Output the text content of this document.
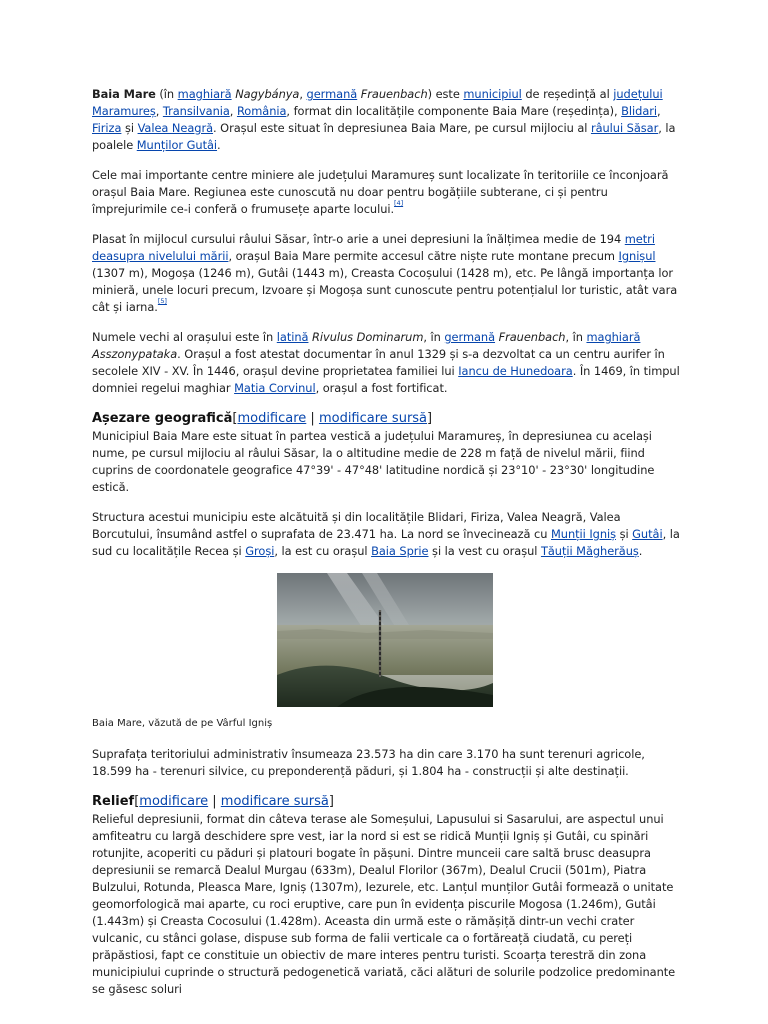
Baia Mare (în maghiară Nagybánya, germană Frauenbach) este municipiul de reședință al județului Maramureș, Transilvania, România, format din localitățile componente Baia Mare (reședința), Blidari, Firiza și Valea Neagră. Orașul este situat în depresiunea Baia Mare, pe cursul mijlociu al râului Săsar, la poalele Munților Gutâi.

Cele mai importante centre miniere ale județului Maramureș sunt localizate în teritoriile ce înconjoară orașul Baia Mare. Regiunea este cunoscută nu doar pentru bogățiile subterane, ci și pentru împrejurimile ce-i conferă o frumusețe aparte locului.[4]

Plasat în mijlocul cursului râului Săsar, într-o arie a unei depresiuni la înălțimea medie de 194 metri deasupra nivelului mării, orașul Baia Mare permite accesul către niște rute montane precum Ignișul (1307 m), Mogoșa (1246 m), Gutâi (1443 m), Creasta Cocoșului (1428 m), etc. Pe lângă importanța lor minieră, unele locuri precum, Izvoare și Mogoșa sunt cunoscute pentru potențialul lor turistic, atât vara cât și iarna.[5]

Numele vechi al orașului este în latină Rivulus Dominarum, în germană Frauenbach, în maghiară Asszonypataka. Orașul a fost atestat documentar în anul 1329 și s-a dezvoltat ca un centru aurifer în secolele XIV - XV. În 1446, orașul devine proprietatea familiei lui Iancu de Hunedoara. În 1469, în timpul domniei regelui maghiar Matia Corvinul, orașul a fost fortificat.

Așezare geografică[modificare | modificare sursă]

Municipiul Baia Mare este situat în partea vestică a județului Maramureș, în depresiunea cu același nume, pe cursul mijlociu al râului Săsar, la o altitudine medie de 228 m față de nivelul mării, fiind cuprins de coordonatele geografice 47°39' - 47°48' latitudine nordică și 23°10' - 23°30' longitudine estică.

Structura acestui municipiu este alcătuită și din localitățile Blidari, Firiza, Valea Neagră, Valea Borcutului, însumând astfel o suprafata de 23.471 ha. La nord se învecinează cu Munții Igniș și Gutâi, la sud cu localitățile Recea și Groși, la est cu orașul Baia Sprie și la vest cu orașul Tăuții Măgherăuș.

Baia Mare, văzută de pe Vârful Igniș

Suprafața teritoriului administrativ însumeaza 23.573 ha din care 3.170 ha sunt terenuri agricole, 18.599 ha - terenuri silvice, cu preponderență păduri, și 1.804 ha - construcții și alte destinații.

Relief[modificare | modificare sursă]

Relieful depresiunii, format din câteva terase ale Someșului, Lapusului si Sasarului, are aspectul unui amfiteatru cu largă deschidere spre vest, iar la nord si est se ridică Munții Igniș și Gutâi, cu spinări rotunjite, acoperiti cu păduri și platouri bogate în pășuni. Dintre munceii care saltă brusc deasupra depresiunii se remarcă Dealul Murgau (633m), Dealul Florilor (367m), Dealul Crucii (501m), Piatra Bulzului, Rotunda, Pleasca Mare, Igniș (1307m), Iezurele, etc. Lanțul munților Gutâi formează o unitate geomorfologică mai aparte, cu roci eruptive, care pun în evidența piscurile Mogosa (1.246m), Gutâi (1.443m) și Creasta Cocosului (1.428m). Aceasta din urmă este o rămășiță dintr-un vechi crater vulcanic, cu stânci golase, dispuse sub forma de falii verticale ca o fortăreață ciudată, cu pereți prăpăstiosi, fapt ce constituie un obiectiv de mare interes pentru turisti. Scoarța terestră din zona municipiului cuprinde o structură pedogenetică variată, căci alături de solurile podzolice predominante se găsesc soluri
